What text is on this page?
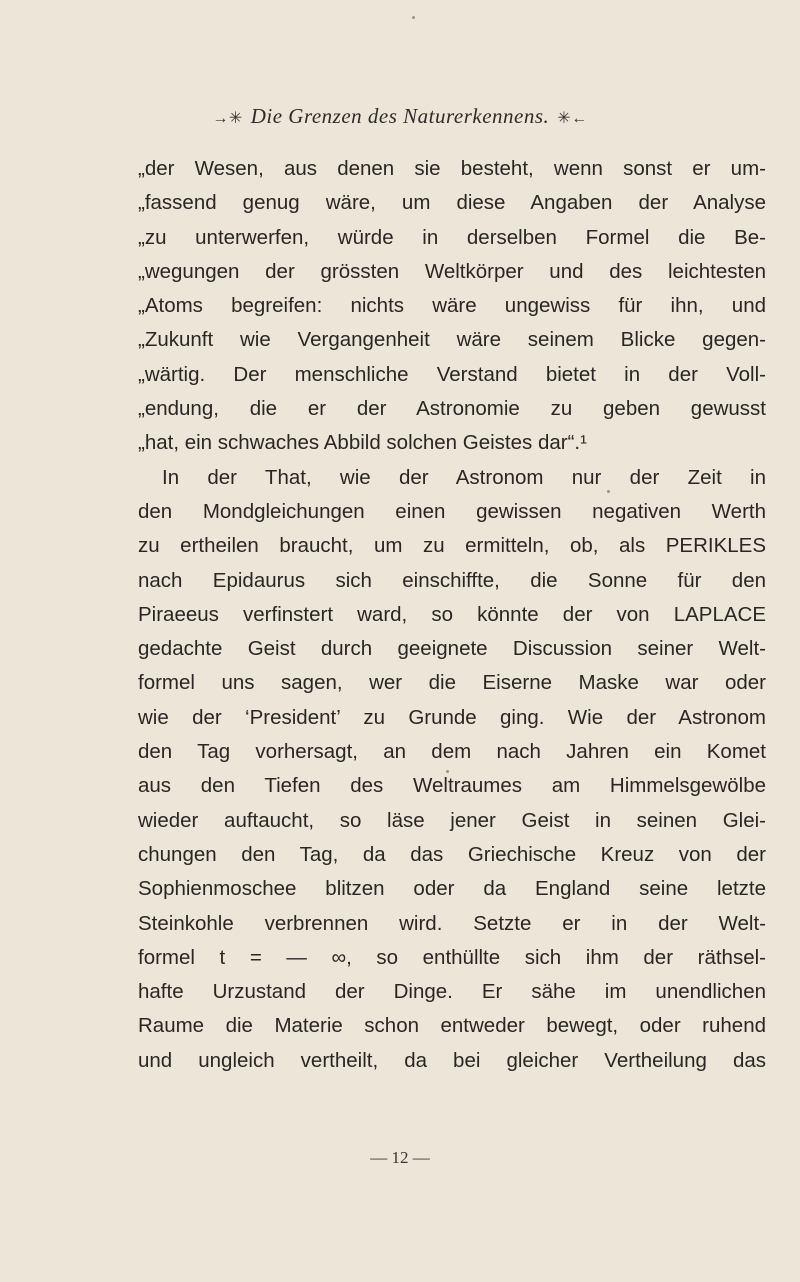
→✳ Die Grenzen des Naturerkennens. ✳←
„der Wesen, aus denen sie besteht, wenn sonst er um-
„fassend genug wäre, um diese Angaben der Analyse
„zu unterwerfen, würde in derselben Formel die Be-
„wegungen der grössten Weltkörper und des leichtesten
„Atoms begreifen: nichts wäre ungewiss für ihn, und
„Zukunft wie Vergangenheit wäre seinem Blicke gegen-
„wärtig. Der menschliche Verstand bietet in der Voll-
„endung, die er der Astronomie zu geben gewusst
„hat, ein schwaches Abbild solchen Geistes dar“.¹
In der That, wie der Astronom nur der Zeit in
den Mondgleichungen einen gewissen negativen Werth
zu ertheilen braucht, um zu ermitteln, ob, als PERIKLES
nach Epidaurus sich einschiffte, die Sonne für den
Piraeeus verfinstert ward, so könnte der von LAPLACE
gedachte Geist durch geeignete Discussion seiner Welt-
formel uns sagen, wer die Eiserne Maske war oder
wie der ‘President’ zu Grunde ging. Wie der Astronom
den Tag vorhersagt, an dem nach Jahren ein Komet
aus den Tiefen des Weltraumes am Himmelsgewölbe
wieder auftaucht, so läse jener Geist in seinen Glei-
chungen den Tag, da das Griechische Kreuz von der
Sophienmoschee blitzen oder da England seine letzte
Steinkohle verbrennen wird. Setzte er in der Welt-
formel t = — ∞, so enthüllte sich ihm der räthsel-
hafte Urzustand der Dinge. Er sähe im unendlichen
Raume die Materie schon entweder bewegt, oder ruhend
und ungleich vertheilt, da bei gleicher Vertheilung das
— 12 —
